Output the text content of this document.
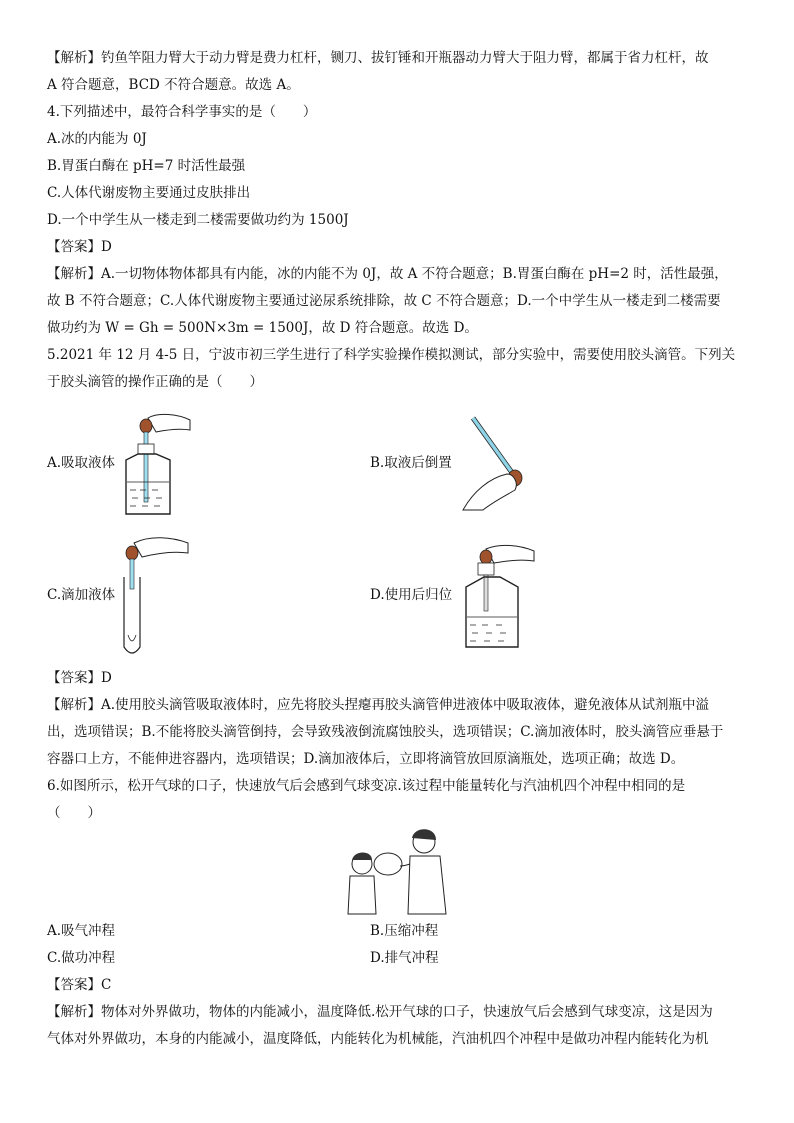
【解析】钓鱼竿阻力臂大于动力臂是费力杠杆，铡刀、拔钉锤和开瓶器动力臂大于阻力臂，都属于省力杠杆，故
A 符合题意，BCD 不符合题意。故选 A。
4.下列描述中，最符合科学事实的是（　　）
A.冰的内能为 0J
B.胃蛋白酶在 pH=7 时活性最强
C.人体代谢废物主要通过皮肤排出
D.一个中学生从一楼走到二楼需要做功约为 1500J
【答案】D
【解析】A.一切物体物体都具有内能，冰的内能不为 0J，故 A 不符合题意；B.胃蛋白酶在 pH=2 时，活性最强，
故 B 不符合题意；C.人体代谢废物主要通过泌尿系统排除，故 C 不符合题意；D.一个中学生从一楼走到二楼需要
做功约为 W = Gh = 500N×3m = 1500J，故 D 符合题意。故选 D。
5.2021 年 12 月 4-5 日，宁波市初三学生进行了科学实验操作模拟测试，部分实验中，需要使用胶头滴管。下列关
于胶头滴管的操作正确的是（　　）
A.吸取液体	B.取液后倒置
C.滴加液体	D.使用后归位
【答案】D
【解析】A.使用胶头滴管吸取液体时，应先将胶头捏瘪再胶头滴管伸进液体中吸取液体，避免液体从试剂瓶中溢
出，选项错误；B.不能将胶头滴管倒持，会导致残液倒流腐蚀胶头，选项错误；C.滴加液体时，胶头滴管应垂悬于
容器口上方，不能伸进容器内，选项错误；D.滴加液体后，立即将滴管放回原滴瓶处，选项正确；故选 D。
6.如图所示，松开气球的口子，快速放气后会感到气球变凉.该过程中能量转化与汽油机四个冲程中相同的是
（　　）
A.吸气冲程	B.压缩冲程
C.做功冲程	D.排气冲程
【答案】C
【解析】物体对外界做功，物体的内能减小，温度降低.松开气球的口子，快速放气后会感到气球变凉，这是因为
气体对外界做功，本身的内能减小，温度降低，内能转化为机械能，汽油机四个冲程中是做功冲程内能转化为机
